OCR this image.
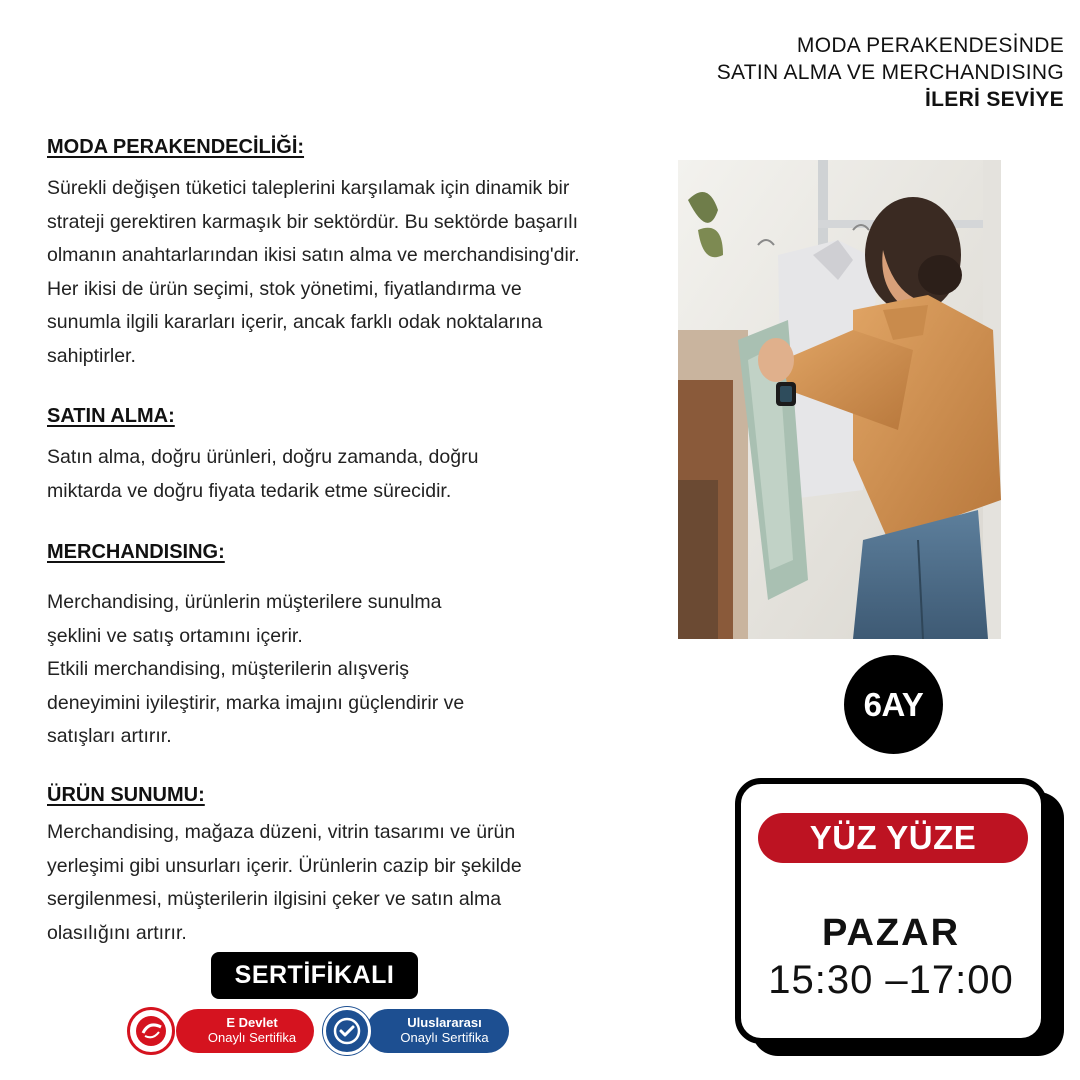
MODA PERAKENDESİNDE
SATIN ALMA VE MERCHANDISING
İLERİ SEVİYE
MODA PERAKENDECİLİĞİ:
Sürekli değişen tüketici taleplerini karşılamak için dinamik bir
strateji gerektiren karmaşık bir sektördür. Bu sektörde başarılı
olmanın anahtarlarından ikisi satın alma ve merchandising'dir.
Her ikisi de ürün seçimi, stok yönetimi, fiyatlandırma ve
sunumla ilgili kararları içerir, ancak farklı odak noktalarına
sahiptirler.
SATIN ALMA:
Satın alma, doğru ürünleri, doğru zamanda, doğru
miktarda ve doğru fiyata tedarik etme sürecidir.
MERCHANDISING:
Merchandising, ürünlerin müşterilere sunulma
şeklini ve satış ortamını içerir.
Etkili merchandising, müşterilerin alışveriş
deneyimini iyileştirir, marka imajını güçlendirir ve
satışları artırır.
ÜRÜN SUNUMU:
Merchandising, mağaza düzeni, vitrin tasarımı ve ürün
yerleşimi gibi unsurları içerir. Ürünlerin cazip bir şekilde
sergilenmesi, müşterilerin ilgisini çeker ve satın alma
olasılığını artırır.
6AY
YÜZ YÜZE
PAZAR
15:30 –17:00
SERTİFİKALI
E Devlet
Onaylı Sertifika
Uluslararası
Onaylı Sertifika
